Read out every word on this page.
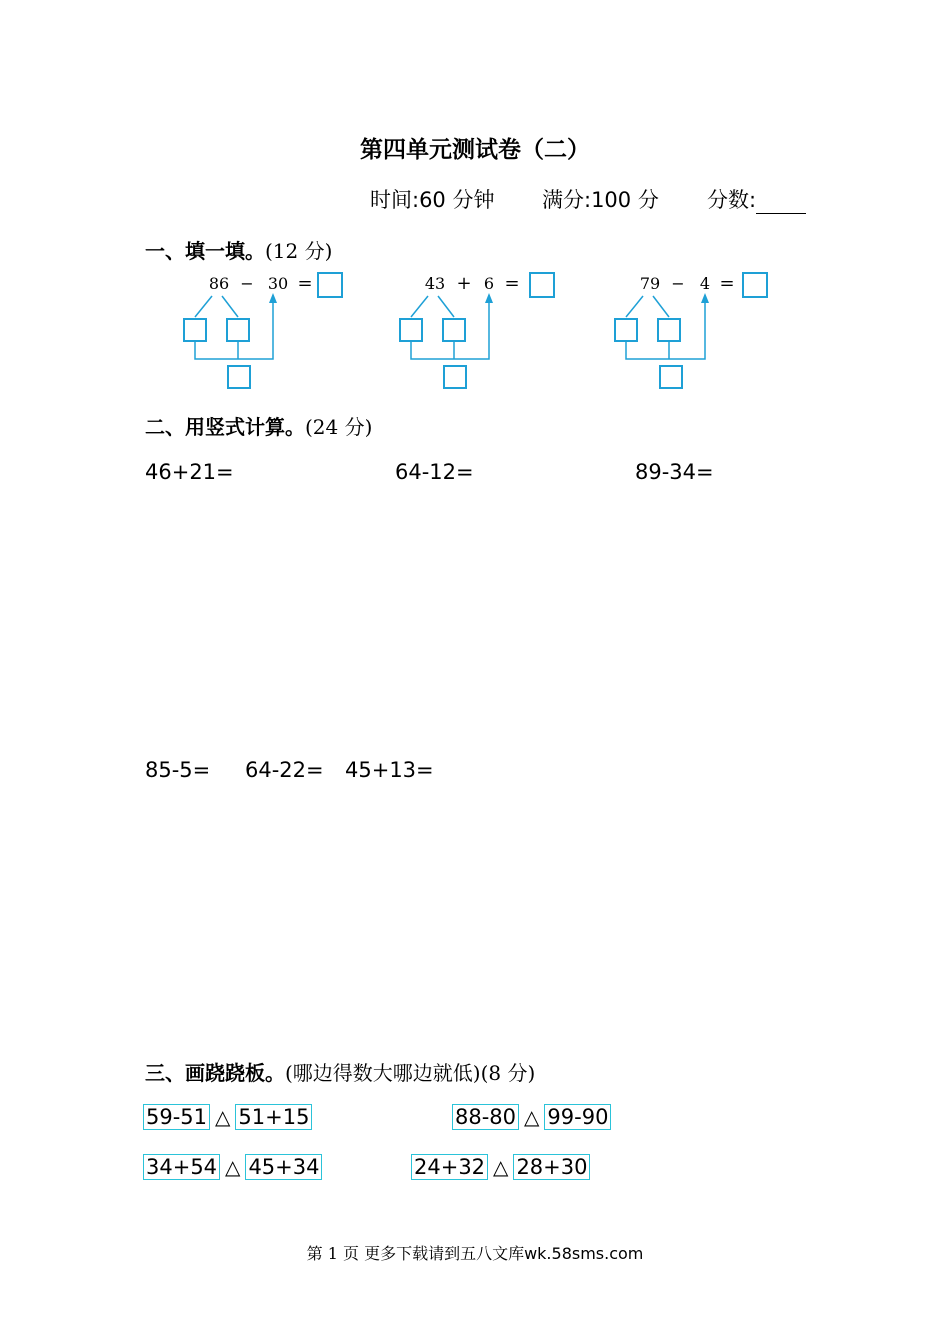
第四单元测试卷（二）
时间:60 分钟 满分:100 分 分数:
一、填一填。(12 分)
86 − 30 =	43 + 6 =	79 − 4 =
二、用竖式计算。(24 分)
46+21=	64-12=	89-34=
85-5= 64-22= 45+13=
三、画跷跷板。(哪边得数大哪边就低)(8 分)
59-51 △ 51+15	88-80 △ 99-90
34+54 △ 45+34	24+32 △ 28+30
第 1 页 更多下载请到五八文库wk.58sms.com
